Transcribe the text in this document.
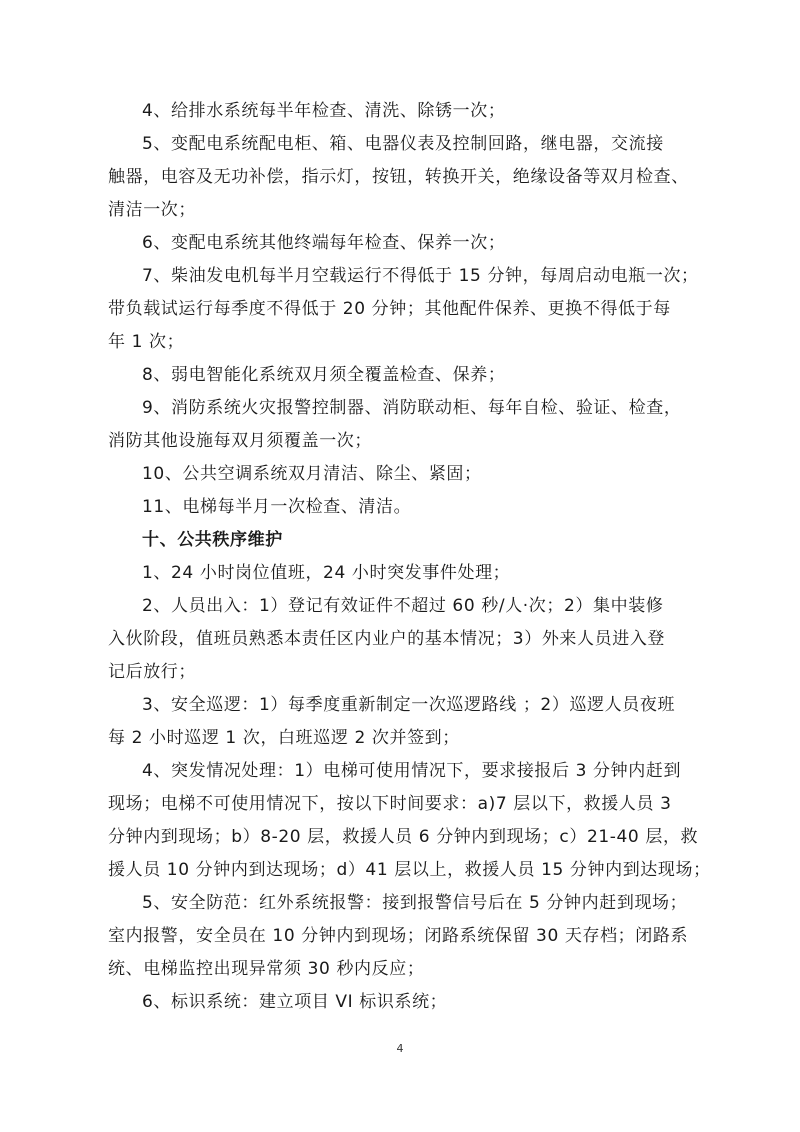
4、给排水系统每半年检查、清洗、除锈一次；
5、变配电系统配电柜、箱、电器仪表及控制回路，继电器，交流接
触器，电容及无功补偿，指示灯，按钮，转换开关，绝缘设备等双月检查、
清洁一次；
6、变配电系统其他终端每年检查、保养一次；
7、柴油发电机每半月空载运行不得低于 15 分钟，每周启动电瓶一次；
带负载试运行每季度不得低于 20 分钟；其他配件保养、更换不得低于每
年 1 次；
8、弱电智能化系统双月须全覆盖检查、保养；
9、消防系统火灾报警控制器、消防联动柜、每年自检、验证、检查，
消防其他设施每双月须覆盖一次；
10、公共空调系统双月清洁、除尘、紧固；
11、电梯每半月一次检查、清洁。
十、公共秩序维护
1、24 小时岗位值班，24 小时突发事件处理；
2、人员出入：1）登记有效证件不超过 60 秒/人·次；2）集中装修
入伙阶段，值班员熟悉本责任区内业户的基本情况；3）外来人员进入登
记后放行；
3、安全巡逻：1）每季度重新制定一次巡逻路线 ；2）巡逻人员夜班
每 2 小时巡逻 1 次，白班巡逻 2 次并签到；
4、突发情况处理：1）电梯可使用情况下，要求接报后 3 分钟内赶到
现场；电梯不可使用情况下，按以下时间要求：a)7 层以下，救援人员 3
分钟内到现场；b）8-20 层，救援人员 6 分钟内到现场；c）21-40 层，救
援人员 10 分钟内到达现场；d）41 层以上，救援人员 15 分钟内到达现场；
5、安全防范：红外系统报警：接到报警信号后在 5 分钟内赶到现场；
室内报警，安全员在 10 分钟内到现场；闭路系统保留 30 天存档；闭路系
统、电梯监控出现异常须 30 秒内反应；
6、标识系统：建立项目 VI 标识系统；
4
